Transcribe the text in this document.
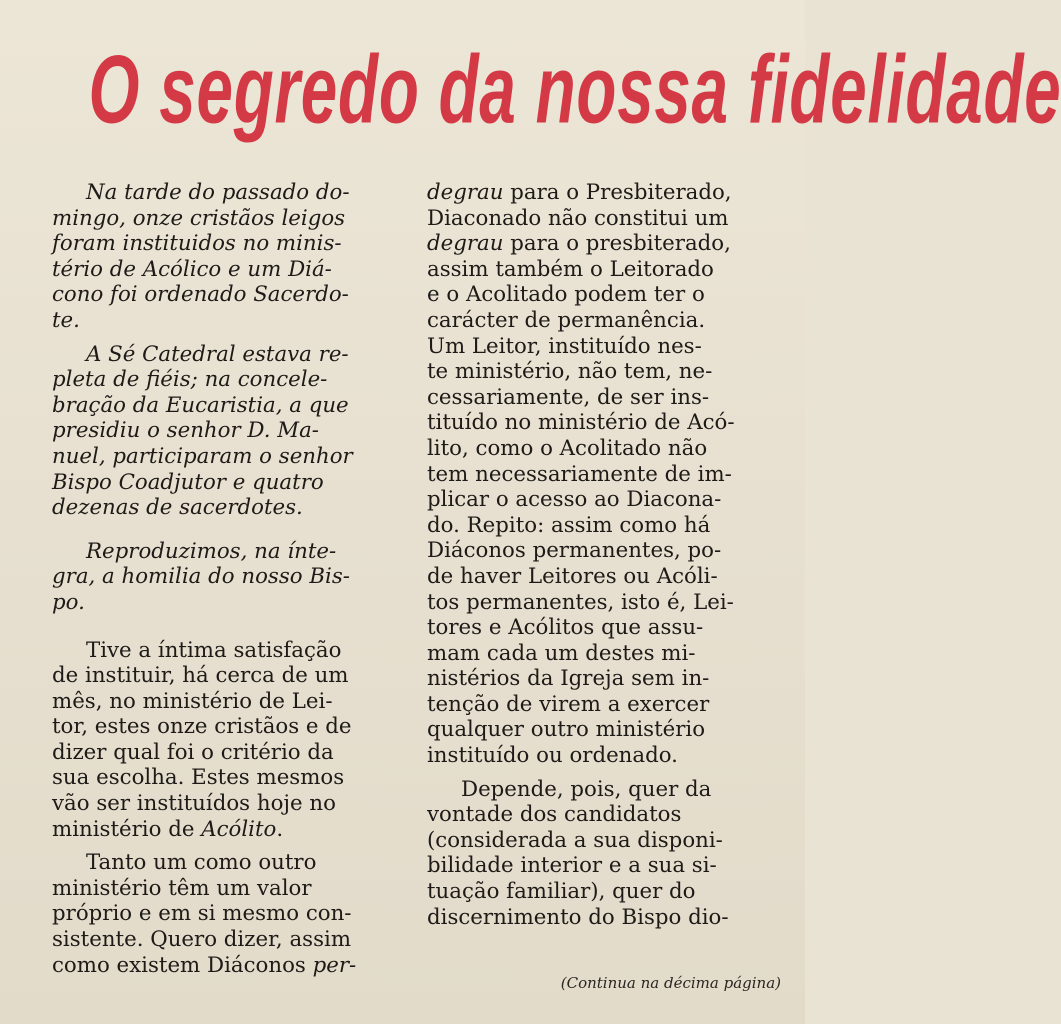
O segredo da nossa fidelidade
Na tarde do passado do-
mingo, onze cristãos leigos
foram instituidos no minis-
tério de Acólico e um Diá-
cono foi ordenado Sacerdo-
te.
A Sé Catedral estava re-
pleta de fiéis; na concele-
bração da Eucaristia, a que
presidiu o senhor D. Ma-
nuel, participaram o senhor
Bispo Coadjutor e quatro
dezenas de sacerdotes.
Reproduzimos, na ínte-
gra, a homilia do nosso Bis-
po.
Tive a íntima satisfação
de instituir, há cerca de um
mês, no ministério de Lei-
tor, estes onze cristãos e de
dizer qual foi o critério da
sua escolha. Estes mesmos
vão ser instituídos hoje no
ministério de Acólito.
Tanto um como outro
ministério têm um valor
próprio e em si mesmo con-
sistente. Quero dizer, assim
como existem Diáconos per-
degrau para o Presbiterado,
Diaconado não constitui um
degrau para o presbiterado,
assim também o Leitorado
e o Acolitado podem ter o
carácter de permanência.
Um Leitor, instituído nes-
te ministério, não tem, ne-
cessariamente, de ser ins-
tituído no ministério de Acó-
lito, como o Acolitado não
tem necessariamente de im-
plicar o acesso ao Diacona-
do. Repito: assim como há
Diáconos permanentes, po-
de haver Leitores ou Acóli-
tos permanentes, isto é, Lei-
tores e Acólitos que assu-
mam cada um destes mi-
nistérios da Igreja sem in-
tenção de virem a exercer
qualquer outro ministério
instituído ou ordenado.
Depende, pois, quer da
vontade dos candidatos
(considerada a sua disponi-
bilidade interior e a sua si-
tuação familiar), quer do
discernimento do Bispo dio-
(Continua na décima página)
